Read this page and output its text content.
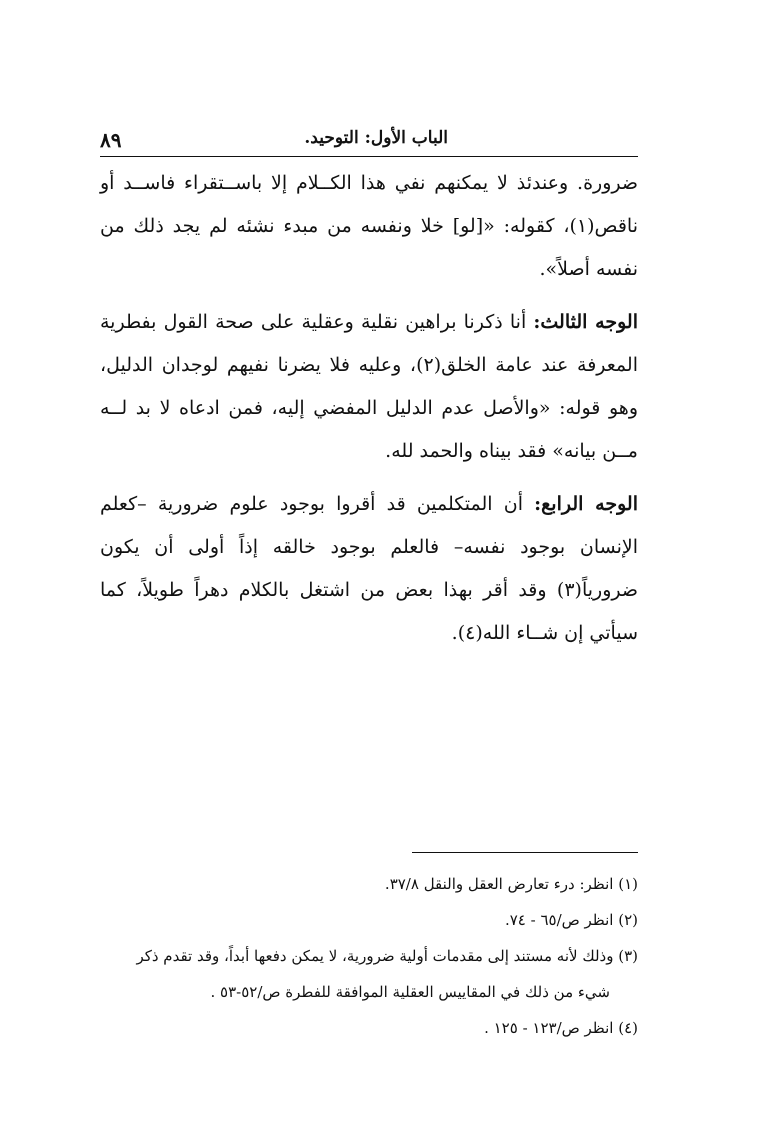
٨٩	الباب الأول: التوحيد.

ضرورة. وعندئذ لا يمكنهم نفي هذا الكــلام إلا باســتقراء فاســد أو ناقص(١)، كقوله: «[لو] خلا ونفسه من مبدء نشئه لم يجد ذلك من نفسه أصلاً».

الوجه الثالث: أنا ذكرنا براهين نقلية وعقلية على صحة القول بفطرية المعرفة عند عامة الخلق(٢)، وعليه فلا يضرنا نفيهم لوجدان الدليل، وهو قوله: «والأصل عدم الدليل المفضي إليه، فمن ادعاه لا بد لــه مــن بيانه» فقد بيناه والحمد لله.

الوجه الرابع: أن المتكلمين قد أقروا بوجود علوم ضرورية –كعلم الإنسان بوجود نفسه– فالعلم بوجود خالقه إذاً أولى أن يكون ضرورياً(٣) وقد أقر بهذا بعض من اشتغل بالكلام دهراً طويلاً، كما سيأتي إن شــاء الله(٤).

(١) انظر: درء تعارض العقل والنقل ٣٧/٨.

(٢) انظر ص/٦٥ - ٧٤.

(٣) وذلك لأنه مستند إلى مقدمات أولية ضرورية، لا يمكن دفعها أبداً، وقد تقدم ذكر

شيء من ذلك في المقاييس العقلية الموافقة للفطرة ص/٥٢-٥٣ .

(٤) انظر ص/١٢٣ - ١٢٥ .
